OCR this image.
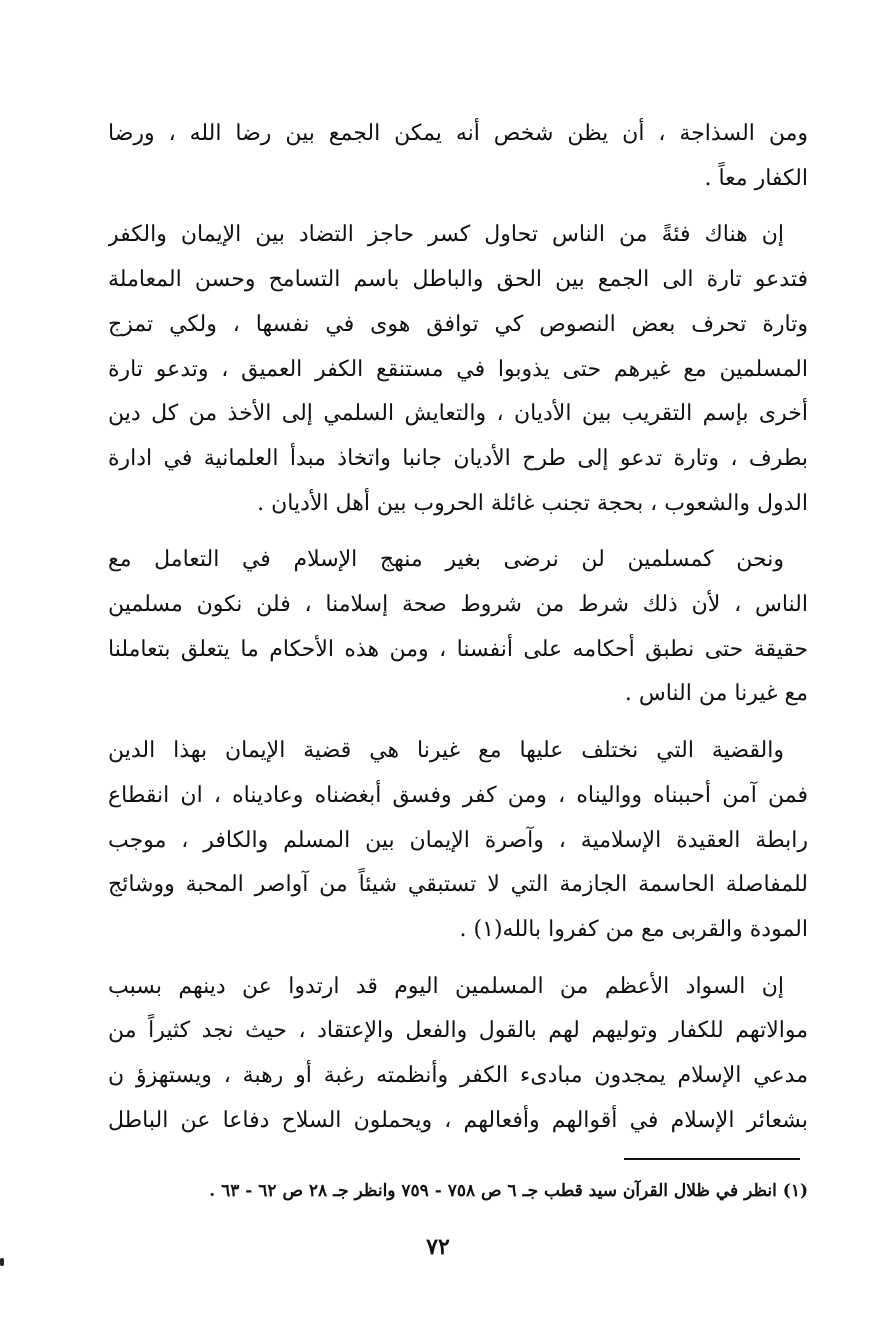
ومن السذاجة ، أن يظن شخص أنه يمكن الجمع بين رضا الله ، ورضا
الكفار معاً .
إن هناك فئةً من الناس تحاول كسر حاجز التضاد بين الإيمان والكفر
فتدعو تارة الى الجمع بين الحق والباطل باسم التسامح وحسن المعاملة
وتارة تحرف بعض النصوص كي توافق هوى في نفسها ، ولكي تمزج
المسلمين مع غيرهم حتى يذوبوا في مستنقع الكفر العميق ، وتدعو تارة
أخرى بإسم التقريب بين الأديان ، والتعايش السلمي إلى الأخذ من كل دين
بطرف ، وتارة تدعو إلى طرح الأديان جانبا واتخاذ مبدأ العلمانية في ادارة
الدول والشعوب ، بحجة تجنب غائلة الحروب بين أهل الأديان .
ونحن كمسلمين لن نرضى بغير منهج الإسلام في التعامل مع
الناس ، لأن ذلك شرط من شروط صحة إسلامنا ، فلن نكون مسلمين
حقيقة حتى نطبق أحكامه على أنفسنا ، ومن هذه الأحكام ما يتعلق بتعاملنا
مع غيرنا من الناس .
والقضية التي نختلف عليها مع غيرنا هي قضية الإيمان بهذا الدين
فمن آمن أحببناه وواليناه ، ومن كفر وفسق أبغضناه وعاديناه ، ان انقطاع
رابطة العقيدة الإسلامية ، وآصرة الإيمان بين المسلم والكافر ، موجب
للمفاصلة الحاسمة الجازمة التي لا تستبقي شيئاً من آواصر المحبة ووشائج
المودة والقربى مع من كفروا بالله(١) .
إن السواد الأعظم من المسلمين اليوم قد ارتدوا عن دينهم بسبب
موالاتهم للكفار وتوليهم لهم بالقول والفعل والإعتقاد ، حيث نجد كثيراً من
مدعي الإسلام يمجدون مبادىء الكفر وأنظمته رغبة أو رهبة ، ويستهزؤ ن
بشعائر الإسلام في أقوالهم وأفعالهم ، ويحملون السلاح دفاعا عن الباطل
(١) انظر في ظلال القرآن سيد قطب جـ ٦ ص ٧٥٨ - ٧٥٩ وانظر جـ ٢٨ ص ٦٢ - ٦٣ .
٧٢
